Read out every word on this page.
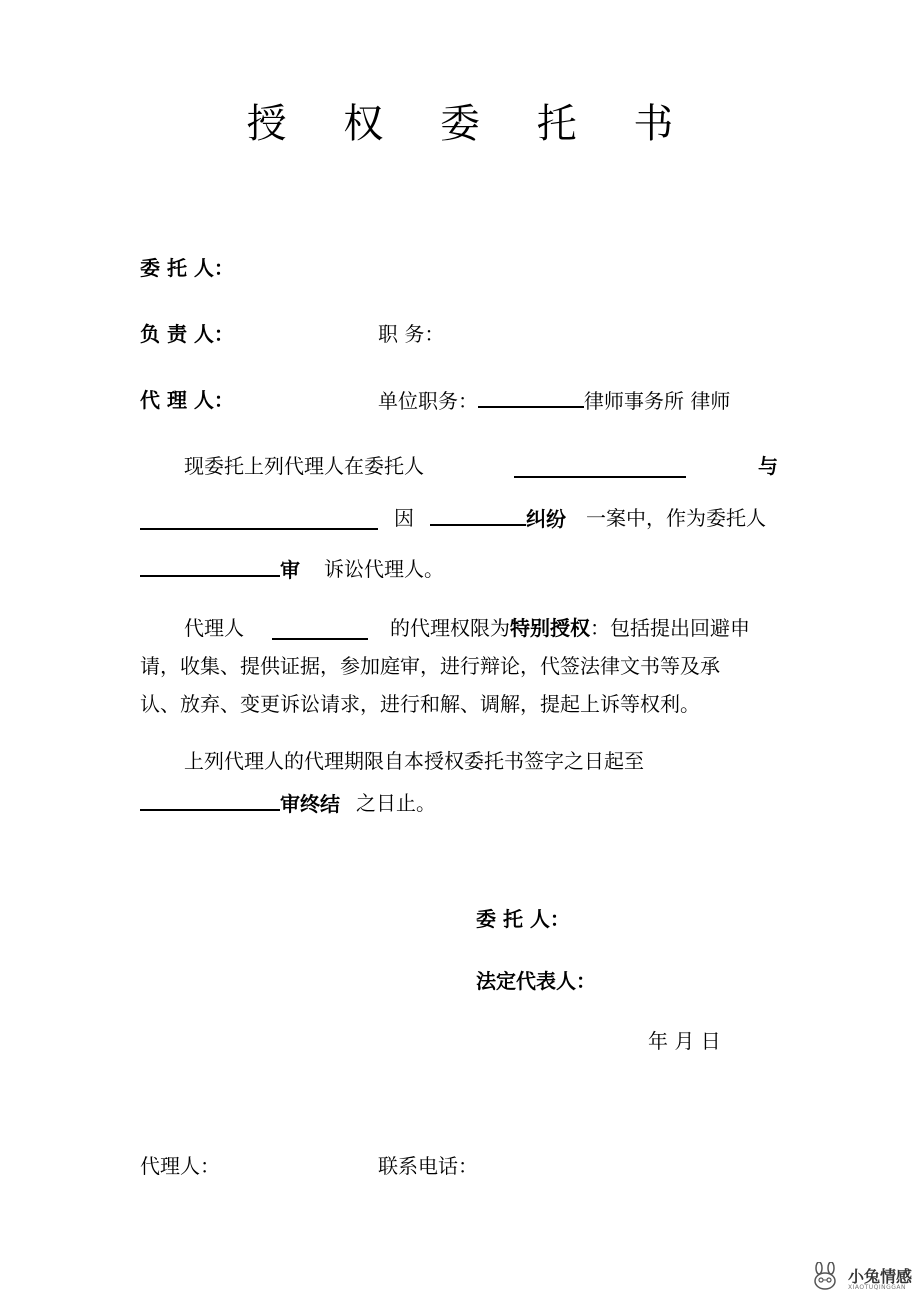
授 权 委 托 书
委 托 人：
负 责 人：	职 务：
代 理 人：	单位职务：	律师事务所 律师
现委托上列代理人在委托人	与
因	纠纷 一案中，作为委托人
审 诉讼代理人。
代理人	的代理权限为特别授权：包括提出回避申
请，收集、提供证据，参加庭审，进行辩论，代签法律文书等及承
认、放弃、变更诉讼请求，进行和解、调解，提起上诉等权利。
上列代理人的代理期限自本授权委托书签字之日起至
审终结 之日止。
委 托 人：
法定代表人：
年 月 日
代理人：	联系电话：

小兔情感
XIAOTUQINGGAN
